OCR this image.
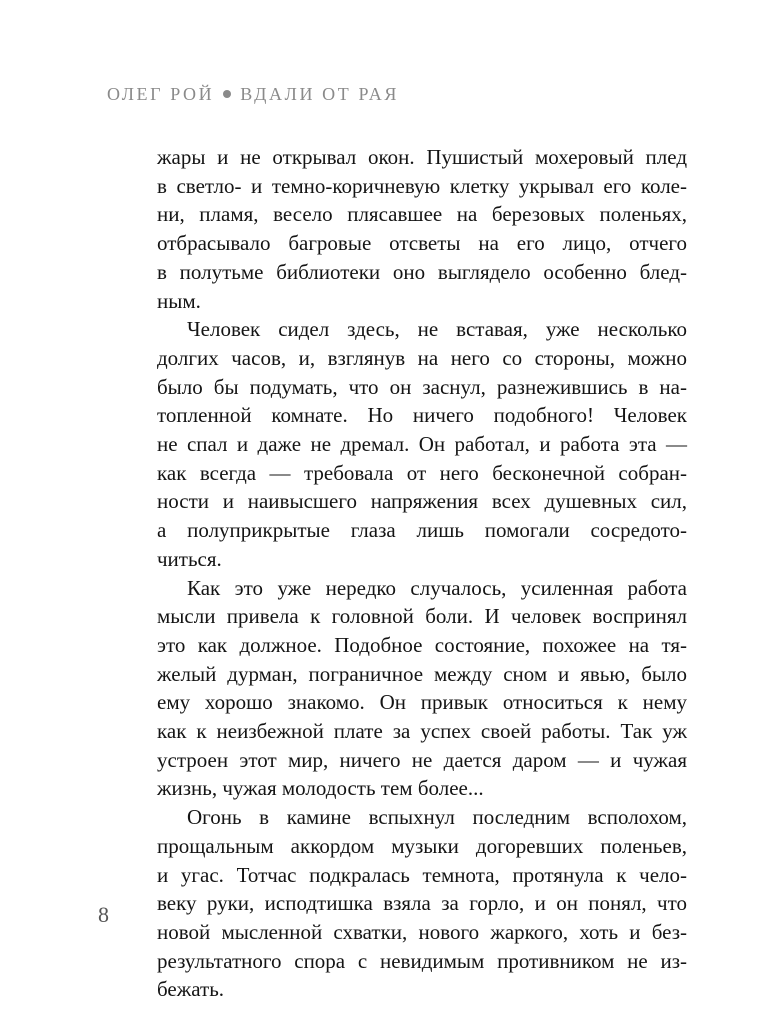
ОЛЕГ РОЙ ВДАЛИ ОТ РАЯ

жары и не открывал окон. Пушистый мохеровый плед
в светло- и темно-коричневую клетку укрывал его коле-
ни, пламя, весело плясавшее на березовых поленьях,
отбрасывало багровые отсветы на его лицо, отчего
в полутьме библиотеки оно выглядело особенно блед-
ным.

Человек сидел здесь, не вставая, уже несколько
долгих часов, и, взглянув на него со стороны, можно
было бы подумать, что он заснул, разнежившись в на-
топленной комнате. Но ничего подобного! Человек
не спал и даже не дремал. Он работал, и работа эта —
как всегда — требовала от него бесконечной собран-
ности и наивысшего напряжения всех душевных сил,
а полуприкрытые глаза лишь помогали сосредото-
читься.

Как это уже нередко случалось, усиленная работа
мысли привела к головной боли. И человек воспринял
это как должное. Подобное состояние, похожее на тя-
желый дурман, пограничное между сном и явью, было
ему хорошо знакомо. Он привык относиться к нему
как к неизбежной плате за успех своей работы. Так уж
устроен этот мир, ничего не дается даром — и чужая
жизнь, чужая молодость тем более...

Огонь в камине вспыхнул последним всполохом,
прощальным аккордом музыки догоревших поленьев,
и угас. Тотчас подкралась темнота, протянула к чело-
веку руки, исподтишка взяла за горло, и он понял, что
новой мысленной схватки, нового жаркого, хоть и без-
результатного спора с невидимым противником не из-
бежать.

8
